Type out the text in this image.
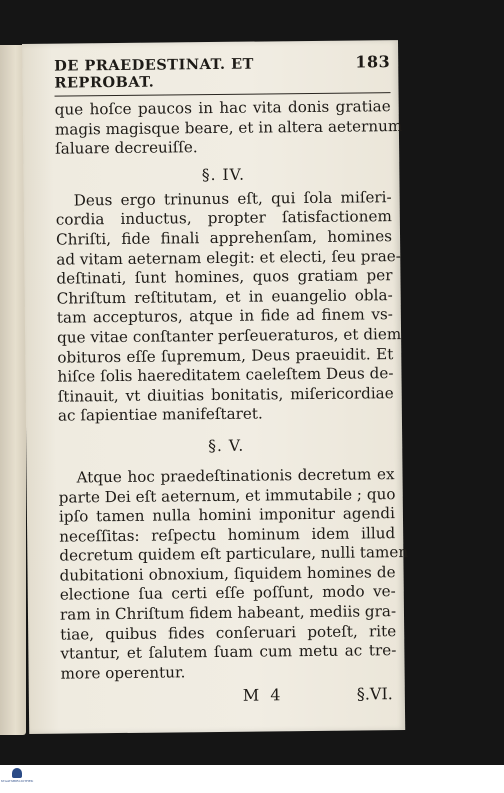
DE PRAEDESTINAT. ET REPROBAT.
183
que hoſce paucos in hac vita donis gratiae
magis magisque beare, et in altera aeternum
ſaluare decreuiſſe.
§. IV.
Deus ergo trinunus eſt, qui ſola miſeri-
cordia inductus, propter ſatisfactionem
Chriſti, fide finali apprehenſam, homines
ad vitam aeternam elegit: et electi, ſeu prae-
deſtinati, ſunt homines, quos gratiam per
Chriſtum reſtitutam, et in euangelio obla-
tam accepturos, atque in fide ad finem vs-
que vitae conſtanter perſeueraturos, et diem
obituros eſſe ſupremum, Deus praeuidit. Et
hiſce ſolis haereditatem caeleſtem Deus de-
ſtinauit, vt diuitias bonitatis, miſericordiae
ac ſapientiae manifeſtaret.
§. V.
Atque hoc praedeſtinationis decretum ex
parte Dei eſt aeternum, et immutabile ; quo
ipſo tamen nulla homini imponitur agendi
neceſſitas: reſpectu hominum idem illud
decretum quidem eſt particulare, nulli tamen
dubitationi obnoxium, ſiquidem homines de
electione ſua certi eſſe poſſunt, modo ve-
ram in Chriſtum fidem habeant, mediis gra-
tiae, quibus fides conſeruari poteſt, rite
vtantur, et ſalutem ſuam cum metu ac tre-
more operentur.
M 4	§.VI.
STAATSBIBLIOTHEK
